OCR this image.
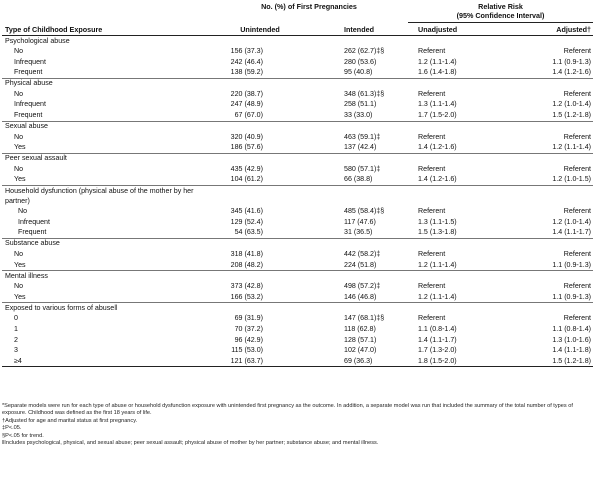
	No. (%) of First Pregnancies		Relative Risk
(95% Confidence Interval)	

Type of Childhood Exposure	Unintended	Intended	Unadjusted	Adjusted†
Psychological abuse				
No	156 (37.3)	262 (62.7)‡§	Referent	Referent
Infrequent	242 (46.4)	280 (53.6)	1.2 (1.1-1.4)	1.1 (0.9-1.3)
Frequent	138 (59.2)	95 (40.8)	1.6 (1.4-1.8)	1.4 (1.2-1.6)
Physical abuse				
No	220 (38.7)	348 (61.3)‡§	Referent	Referent
Infrequent	247 (48.9)	258 (51.1)	1.3 (1.1-1.4)	1.2 (1.0-1.4)
Frequent	67 (67.0)	33 (33.0)	1.7 (1.5-2.0)	1.5 (1.2-1.8)
Sexual abuse				
No	320 (40.9)	463 (59.1)‡	Referent	Referent
Yes	186 (57.6)	137 (42.4)	1.4 (1.2-1.6)	1.2 (1.1-1.4)
Peer sexual assault				
No	435 (42.9)	580 (57.1)‡	Referent	Referent
Yes	104 (61.2)	66 (38.8)	1.4 (1.2-1.6)	1.2 (1.0-1.5)
Household dysfunction (physical abuse of the mother by her partner)				
No	345 (41.6)	485 (58.4)‡§	Referent	Referent
Infrequent	129 (52.4)	117 (47.6)	1.3 (1.1-1.5)	1.2 (1.0-1.4)
Frequent	54 (63.5)	31 (36.5)	1.5 (1.3-1.8)	1.4 (1.1-1.7)
Substance abuse				
No	318 (41.8)	442 (58.2)‡	Referent	Referent
Yes	208 (48.2)	224 (51.8)	1.2 (1.1-1.4)	1.1 (0.9-1.3)
Mental illness				
No	373 (42.8)	498 (57.2)‡	Referent	Referent
Yes	166 (53.2)	146 (46.8)	1.2 (1.1-1.4)	1.1 (0.9-1.3)
Exposed to various forms of abuse‖				
0	69 (31.9)	147 (68.1)‡§	Referent	Referent
1	70 (37.2)	118 (62.8)	1.1 (0.8-1.4)	1.1 (0.8-1.4)
2	96 (42.9)	128 (57.1)	1.4 (1.1-1.7)	1.3 (1.0-1.6)
3	115 (53.0)	102 (47.0)	1.7 (1.3-2.0)	1.4 (1.1-1.8)
≥4	121 (63.7)	69 (36.3)	1.8 (1.5-2.0)	1.5 (1.2-1.8)

*Separate models were run for each type of abuse or household dysfunction exposure with unintended first pregnancy as the outcome. In addition, a separate model was run that included the summary of the total number of types of exposure. Childhood was defined as the first 18 years of life.

†Adjusted for age and marital status at first pregnancy.

‡P<.05.

§P<.05 for trend.

‖Includes psychological, physical, and sexual abuse; peer sexual assault; physical abuse of mother by her partner; substance abuse; and mental illness.
